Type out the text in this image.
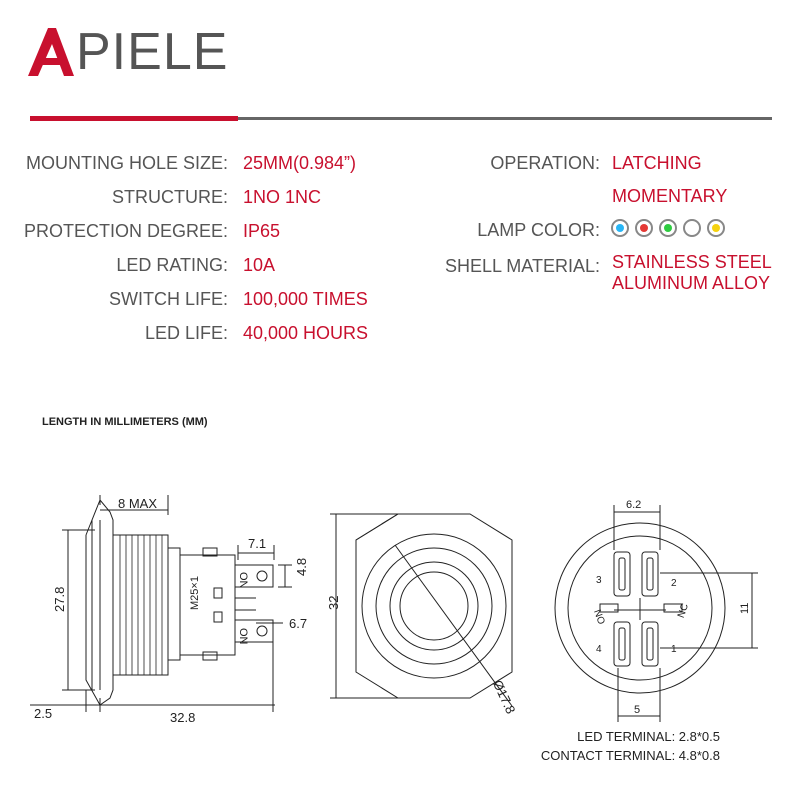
PIELE
MOUNTING HOLE SIZE: 25MM(0.984”)
STRUCTURE: 1NO 1NC
PROTECTION DEGREE: IP65
LED RATING: 10A
SWITCH LIFE: 100,000 TIMES
LED LIFE: 40,000 HOURS
OPERATION: LATCHING
MOMENTARY
LAMP COLOR:
SHELL MATERIAL: STAINLESS STEEL
ALUMINUM ALLOY
LENGTH IN MILLIMETERS (MM)
8 MAX
27.8
2.5	32.8
7.1
4.8
6.7
M25×1	ON
ON
32
Ø17.8
6.2
5
11
2
3
4	1
NO	NC
LED TERMINAL: 2.8*0.5
CONTACT TERMINAL: 4.8*0.8
